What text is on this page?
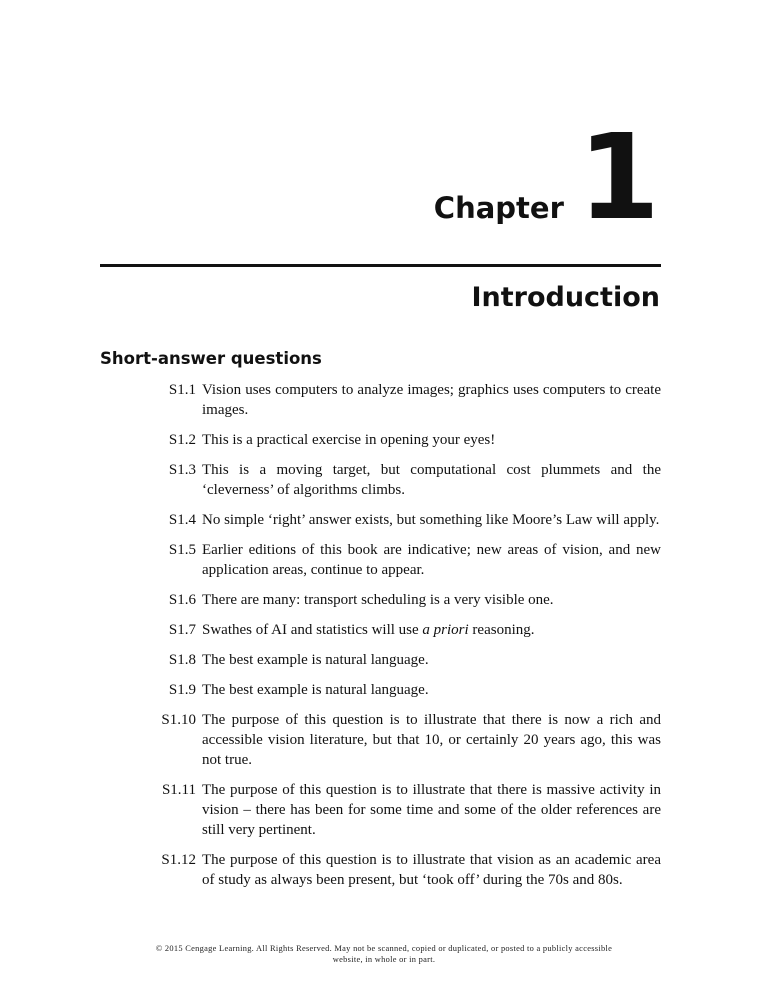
Chapter 1
Introduction
Short-answer questions
S1.1 Vision uses computers to analyze images; graphics uses computers to create images.
S1.2 This is a practical exercise in opening your eyes!
S1.3 This is a moving target, but computational cost plummets and the ‘cleverness’ of algorithms climbs.
S1.4 No simple ‘right’ answer exists, but something like Moore’s Law will apply.
S1.5 Earlier editions of this book are indicative; new areas of vision, and new application areas, continue to appear.
S1.6 There are many: transport scheduling is a very visible one.
S1.7 Swathes of AI and statistics will use a priori reasoning.
S1.8 The best example is natural language.
S1.9 The best example is natural language.
S1.10 The purpose of this question is to illustrate that there is now a rich and accessible vision literature, but that 10, or certainly 20 years ago, this was not true.
S1.11 The purpose of this question is to illustrate that there is massive activity in vision – there has been for some time and some of the older references are still very pertinent.
S1.12 The purpose of this question is to illustrate that vision as an academic area of study as always been present, but ‘took off’ during the 70s and 80s.
© 2015 Cengage Learning. All Rights Reserved. May not be scanned, copied or duplicated, or posted to a publicly accessible
website, in whole or in part.
